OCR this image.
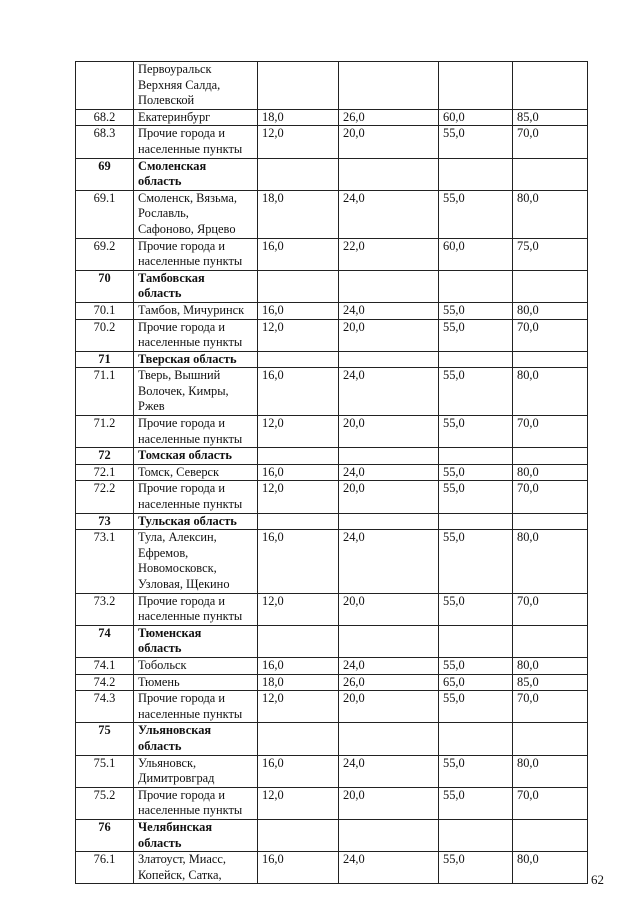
	Первоуральск
Верхняя Салда,
Полевской				
68.2	Екатеринбург	18,0	26,0	60,0	85,0
68.3	Прочие города и
населенные пункты	12,0	20,0	55,0	70,0
69	Смоленская
область				
69.1	Смоленск, Вязьма,
Рославль,
Сафоново, Ярцево	18,0	24,0	55,0	80,0
69.2	Прочие города и
населенные пункты	16,0	22,0	60,0	75,0
70	Тамбовская
область				
70.1	Тамбов, Мичуринск	16,0	24,0	55,0	80,0
70.2	Прочие города и
населенные пункты	12,0	20,0	55,0	70,0
71	Тверская область				
71.1	Тверь, Вышний
Волочек, Кимры,
Ржев	16,0	24,0	55,0	80,0
71.2	Прочие города и
населенные пункты	12,0	20,0	55,0	70,0
72	Томская область				
72.1	Томск, Северск	16,0	24,0	55,0	80,0
72.2	Прочие города и
населенные пункты	12,0	20,0	55,0	70,0
73	Тульская область				
73.1	Тула, Алексин,
Ефремов,
Новомосковск,
Узловая, Щекино	16,0	24,0	55,0	80,0
73.2	Прочие города и
населенные пункты	12,0	20,0	55,0	70,0
74	Тюменская
область				
74.1	Тобольск	16,0	24,0	55,0	80,0
74.2	Тюмень	18,0	26,0	65,0	85,0
74.3	Прочие города и
населенные пункты	12,0	20,0	55,0	70,0
75	Ульяновская
область				
75.1	Ульяновск,
Димитровград	16,0	24,0	55,0	80,0
75.2	Прочие города и
населенные пункты	12,0	20,0	55,0	70,0
76	Челябинская
область				
76.1	Златоуст, Миасс,
Копейск, Сатка,	16,0	24,0	55,0	80,0
62
